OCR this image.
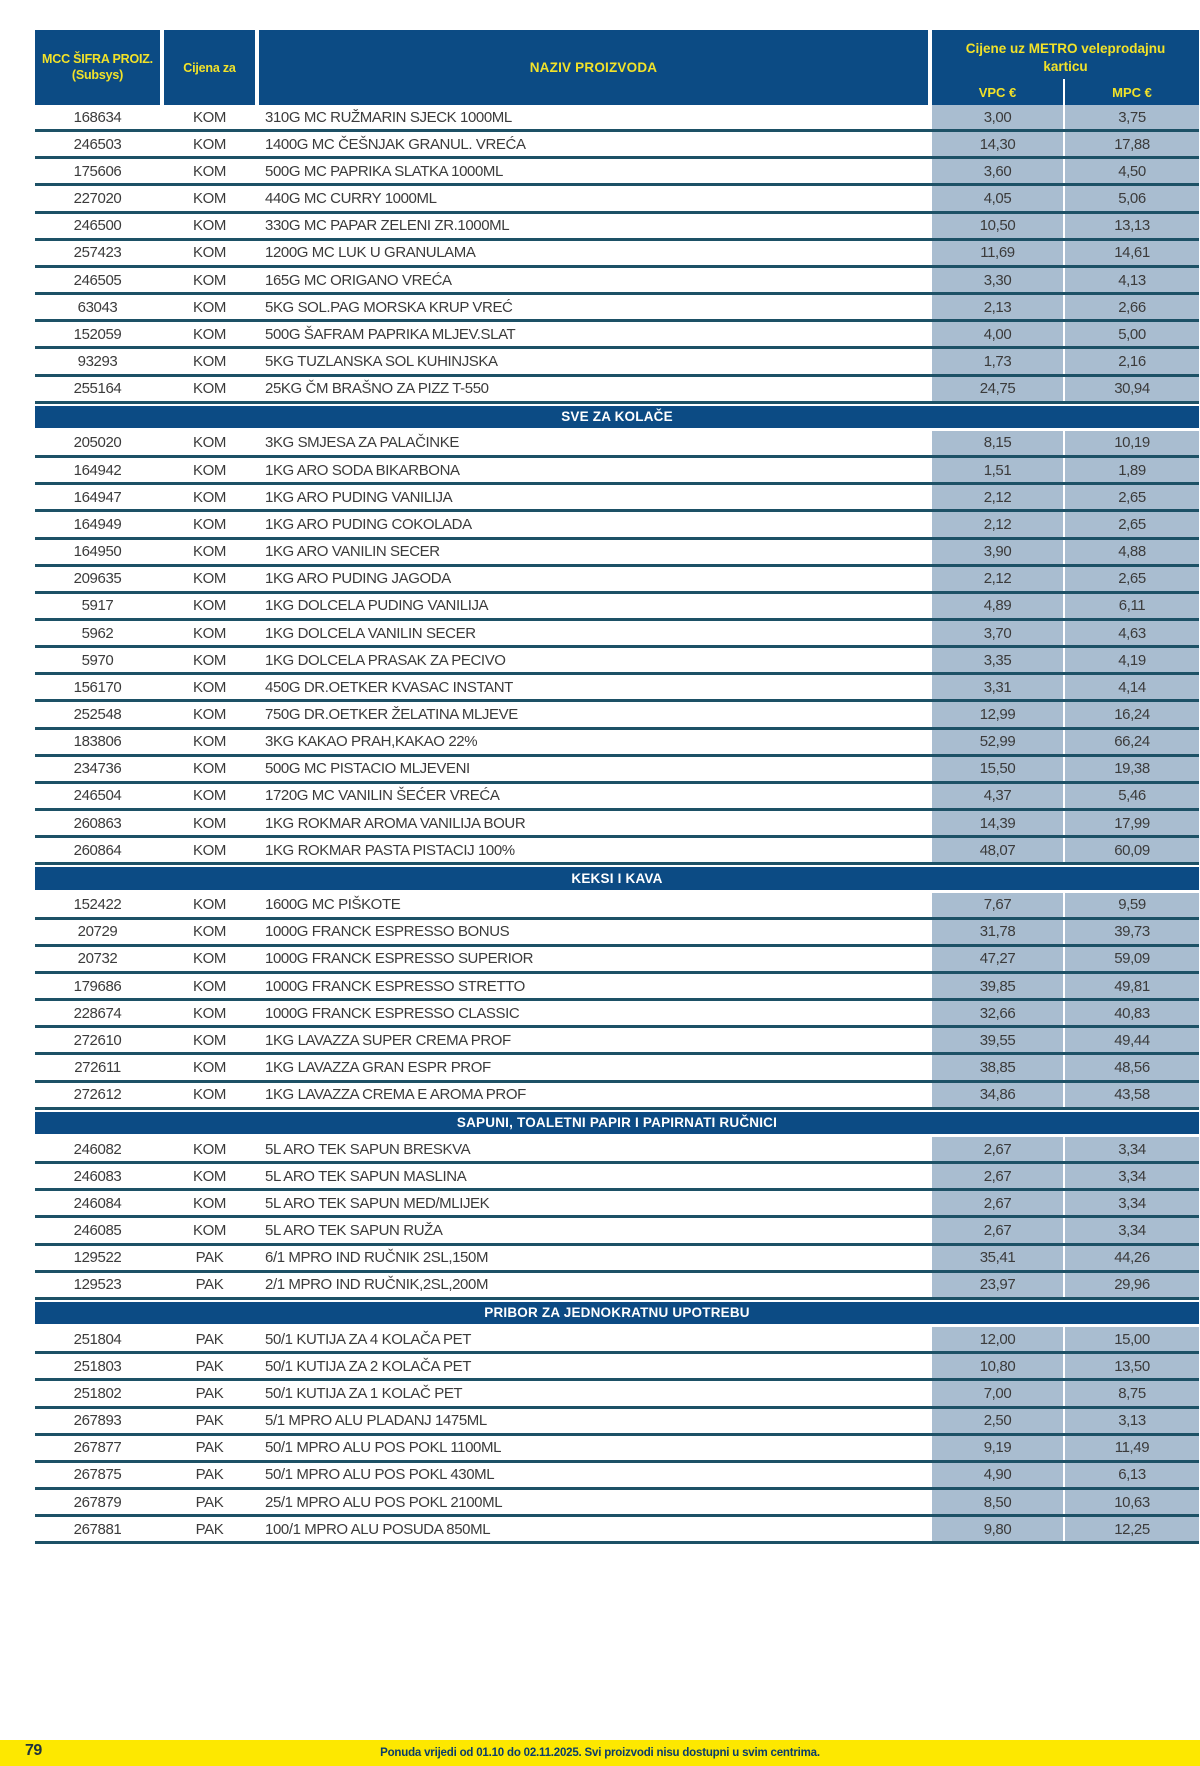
MCC ŠIFRA PROIZ.
(Subsys)	Cijena za	NAZIV PROIZVODA
Cijene uz METRO veleprodajnu karticu
VPC €	MPC €
168634	KOM	310G MC RUŽMARIN SJECK 1000ML	3,00	3,75
246503	KOM	1400G MC ČEŠNJAK GRANUL. VREĆA	14,30	17,88
175606	KOM	500G MC PAPRIKA SLATKA 1000ML	3,60	4,50
227020	KOM	440G MC CURRY 1000ML	4,05	5,06
246500	KOM	330G MC PAPAR ZELENI ZR.1000ML	10,50	13,13
257423	KOM	1200G MC LUK U GRANULAMA	11,69	14,61
246505	KOM	165G MC ORIGANO VREĆA	3,30	4,13
63043	KOM	5KG SOL.PAG MORSKA KRUP VREĆ	2,13	2,66
152059	KOM	500G ŠAFRAM PAPRIKA MLJEV.SLAT	4,00	5,00
93293	KOM	5KG TUZLANSKA SOL KUHINJSKA	1,73	2,16
255164	KOM	25KG ČM BRAŠNO ZA PIZZ T-550	24,75	30,94
SVE ZA KOLAČE
205020	KOM	3KG SMJESA ZA PALAČINKE	8,15	10,19
164942	KOM	1KG ARO SODA BIKARBONA	1,51	1,89
164947	KOM	1KG ARO PUDING VANILIJA	2,12	2,65
164949	KOM	1KG ARO PUDING COKOLADA	2,12	2,65
164950	KOM	1KG ARO VANILIN SECER	3,90	4,88
209635	KOM	1KG ARO PUDING JAGODA	2,12	2,65
5917	KOM	1KG DOLCELA PUDING VANILIJA	4,89	6,11
5962	KOM	1KG DOLCELA VANILIN SECER	3,70	4,63
5970	KOM	1KG DOLCELA PRASAK ZA PECIVO	3,35	4,19
156170	KOM	450G DR.OETKER KVASAC INSTANT	3,31	4,14
252548	KOM	750G DR.OETKER ŽELATINA MLJEVE	12,99	16,24
183806	KOM	3KG KAKAO PRAH,KAKAO 22%	52,99	66,24
234736	KOM	500G MC PISTACIO MLJEVENI	15,50	19,38
246504	KOM	1720G MC VANILIN ŠEĆER VREĆA	4,37	5,46
260863	KOM	1KG ROKMAR AROMA VANILIJA BOUR	14,39	17,99
260864	KOM	1KG ROKMAR PASTA PISTACIJ 100%	48,07	60,09
KEKSI I KAVA
152422	KOM	1600G MC PIŠKOTE	7,67	9,59
20729	KOM	1000G FRANCK ESPRESSO BONUS	31,78	39,73
20732	KOM	1000G FRANCK ESPRESSO SUPERIOR	47,27	59,09
179686	KOM	1000G FRANCK ESPRESSO STRETTO	39,85	49,81
228674	KOM	1000G FRANCK ESPRESSO CLASSIC	32,66	40,83
272610	KOM	1KG LAVAZZA SUPER CREMA PROF	39,55	49,44
272611	KOM	1KG LAVAZZA GRAN ESPR PROF	38,85	48,56
272612	KOM	1KG LAVAZZA CREMA E AROMA PROF	34,86	43,58
SAPUNI, TOALETNI PAPIR I PAPIRNATI RUČNICI
246082	KOM	5L ARO TEK SAPUN BRESKVA	2,67	3,34
246083	KOM	5L ARO TEK SAPUN MASLINA	2,67	3,34
246084	KOM	5L ARO TEK SAPUN MED/MLIJEK	2,67	3,34
246085	KOM	5L ARO TEK SAPUN RUŽA	2,67	3,34
129522	PAK	6/1 MPRO IND RUČNIK 2SL,150M	35,41	44,26
129523	PAK	2/1 MPRO IND RUČNIK,2SL,200M	23,97	29,96
PRIBOR ZA JEDNOKRATNU UPOTREBU
251804	PAK	50/1 KUTIJA ZA 4 KOLAČA PET	12,00	15,00
251803	PAK	50/1 KUTIJA ZA 2 KOLAČA PET	10,80	13,50
251802	PAK	50/1 KUTIJA ZA 1 KOLAČ PET	7,00	8,75
267893	PAK	5/1 MPRO ALU PLADANJ 1475ML	2,50	3,13
267877	PAK	50/1 MPRO ALU POS POKL 1100ML	9,19	11,49
267875	PAK	50/1 MPRO ALU POS POKL 430ML	4,90	6,13
267879	PAK	25/1 MPRO ALU POS POKL 2100ML	8,50	10,63
267881	PAK	100/1 MPRO ALU POSUDA 850ML	9,80	12,25
79	Ponuda vrijedi od 01.10 do 02.11.2025. Svi proizvodi nisu dostupni u svim centrima.
